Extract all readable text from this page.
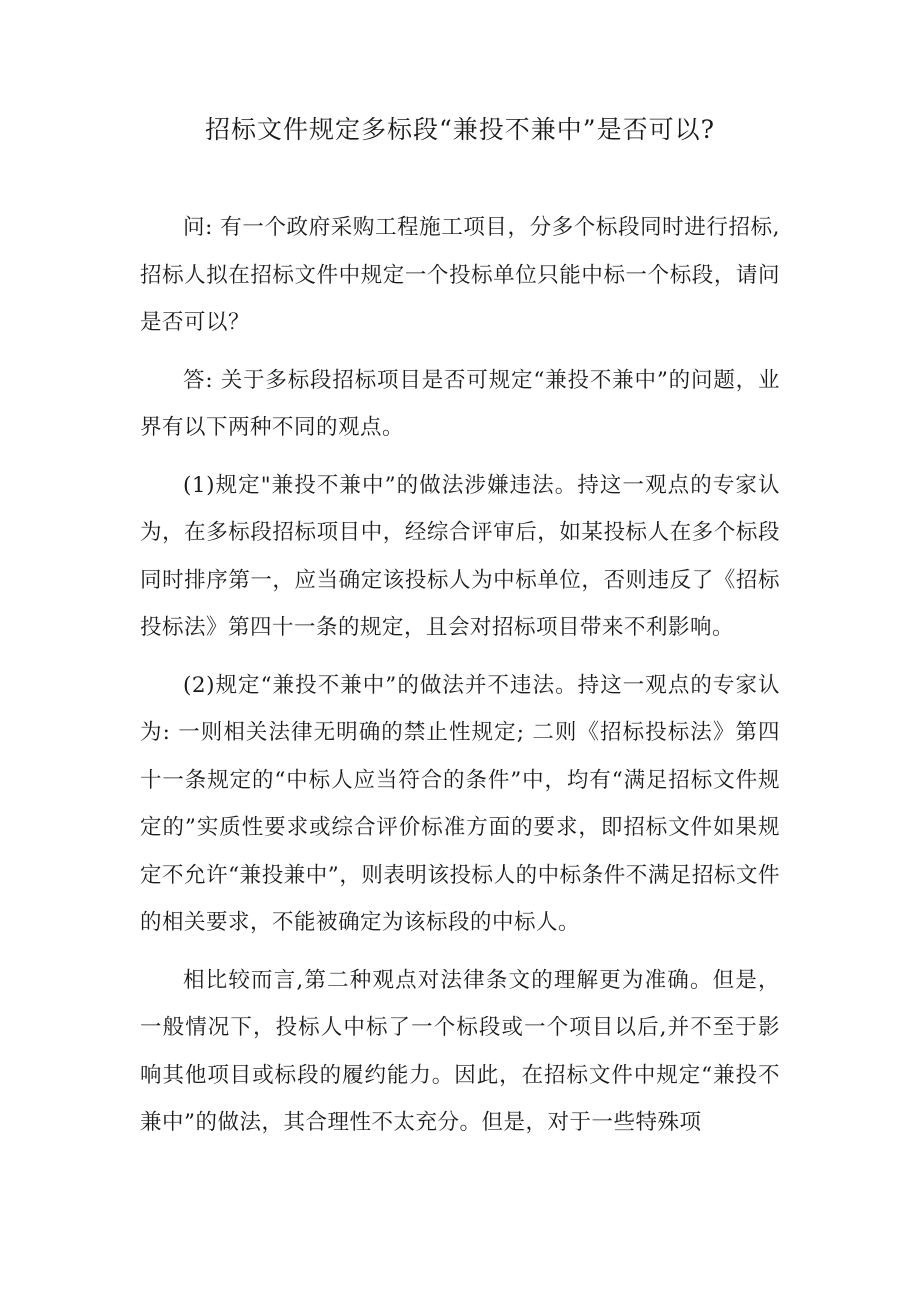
招标文件规定多标段“兼投不兼中”是否可以?

问: 有一个政府采购工程施工项目，分多个标段同时进行招标,招标人拟在招标文件中规定一个投标单位只能中标一个标段，请问是否可以？

答: 关于多标段招标项目是否可规定“兼投不兼中”的问题，业界有以下两种不同的观点。

(1)规定"兼投不兼中”的做法涉嫌违法。持这一观点的专家认为，在多标段招标项目中，经综合评审后，如某投标人在多个标段同时排序第一，应当确定该投标人为中标单位，否则违反了《招标投标法》第四十一条的规定，且会对招标项目带来不利影响。

(2)规定“兼投不兼中”的做法并不违法。持这一观点的专家认为: 一则相关法律无明确的禁止性规定; 二则《招标投标法》第四十一条规定的“中标人应当符合的条件”中，均有“满足招标文件规定的”实质性要求或综合评价标准方面的要求，即招标文件如果规定不允许“兼投兼中”，则表明该投标人的中标条件不满足招标文件的相关要求，不能被确定为该标段的中标人。

相比较而言,第二种观点对法律条文的理解更为准确。但是，一般情况下，投标人中标了一个标段或一个项目以后,并不至于影响其他项目或标段的履约能力。因此，在招标文件中规定“兼投不兼中”的做法，其合理性不太充分。但是，对于一些特殊项
